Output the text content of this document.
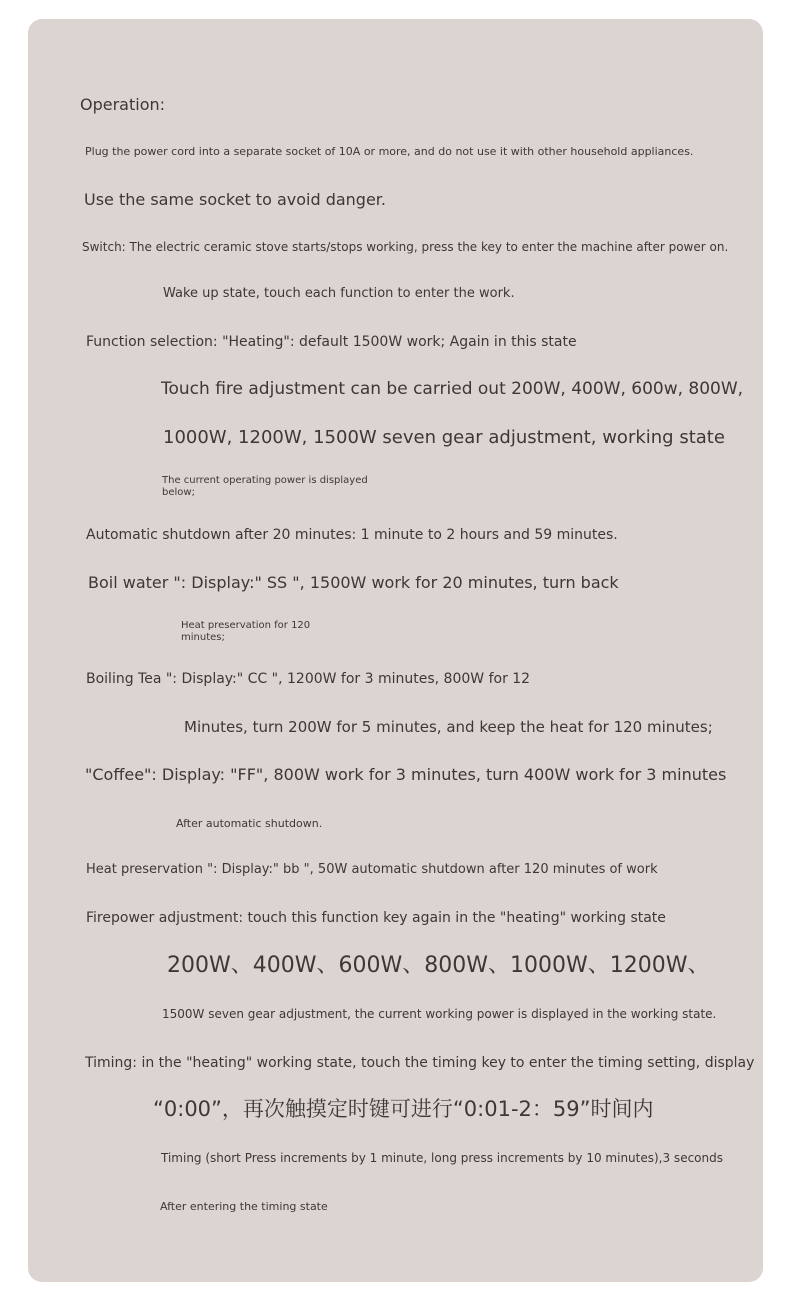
Operation:

Plug the power cord into a separate socket of 10A or more, and do not use it with other household appliances.

Use the same socket to avoid danger.

Switch: The electric ceramic stove starts/stops working, press the key to enter the machine after power on.

Wake up state, touch each function to enter the work.

Function selection: "Heating": default 1500W work; Again in this state

Touch fire adjustment can be carried out 200W, 400W, 600w, 800W,

1000W, 1200W, 1500W seven gear adjustment, working state

The current operating power is displayed below;

Automatic shutdown after 20 minutes: 1 minute to 2 hours and 59 minutes.

Boil water ": Display:" SS ", 1500W work for 20 minutes, turn back

Heat preservation for 120 minutes;

Boiling Tea ": Display:" CC ", 1200W for 3 minutes, 800W for 12

Minutes, turn 200W for 5 minutes, and keep the heat for 120 minutes;

"Coffee": Display: "FF", 800W work for 3 minutes, turn 400W work for 3 minutes

After automatic shutdown.

Heat preservation ": Display:" bb ", 50W automatic shutdown after 120 minutes of work

Firepower adjustment: touch this function key again in the "heating" working state

200W、400W、600W、800W、1000W、1200W、

1500W seven gear adjustment, the current working power is displayed in the working state.

Timing: in the "heating" working state, touch the timing key to enter the timing setting, display

“0:00”，再次触摸定时键可进行“0:01-2：59”时间内

Timing (short Press increments by 1 minute, long press increments by 10 minutes),3 seconds

After entering the timing state
